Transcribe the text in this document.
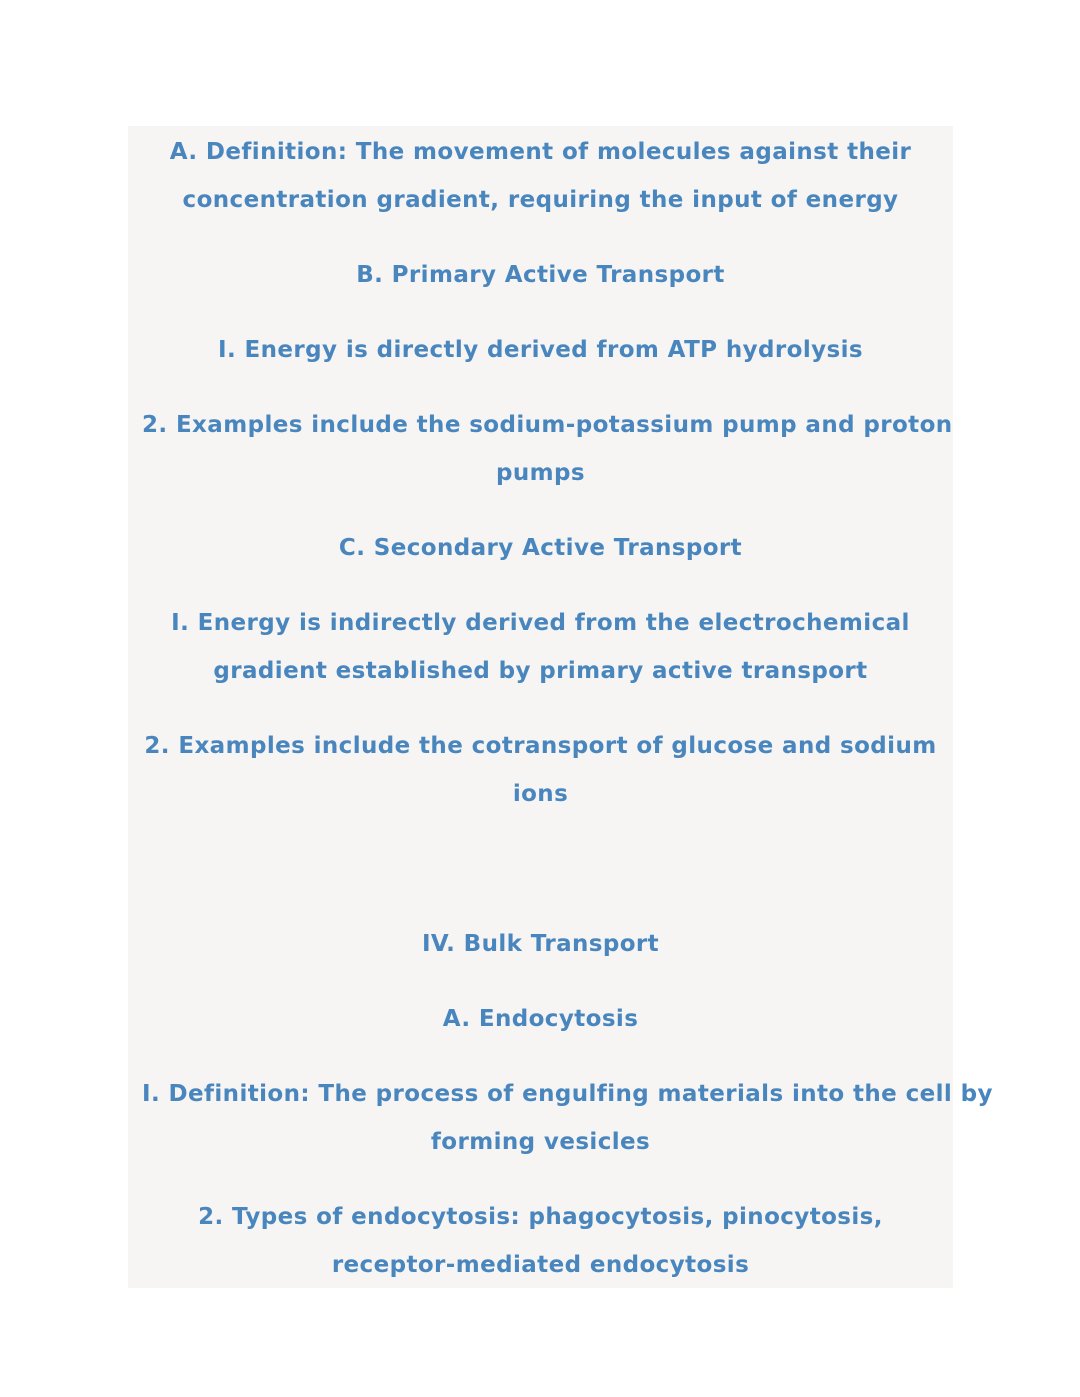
A. Definition: The movement of molecules against their
concentration gradient, requiring the input of energy

B. Primary Active Transport

I. Energy is directly derived from ATP hydrolysis

2. Examples include the sodium-potassium pump and proton
pumps

C. Secondary Active Transport

I. Energy is indirectly derived from the electrochemical
gradient established by primary active transport

2. Examples include the cotransport of glucose and sodium
ions

IV. Bulk Transport

A. Endocytosis

I. Definition: The process of engulfing materials into the cell by
forming vesicles

2. Types of endocytosis: phagocytosis, pinocytosis,
receptor-mediated endocytosis
